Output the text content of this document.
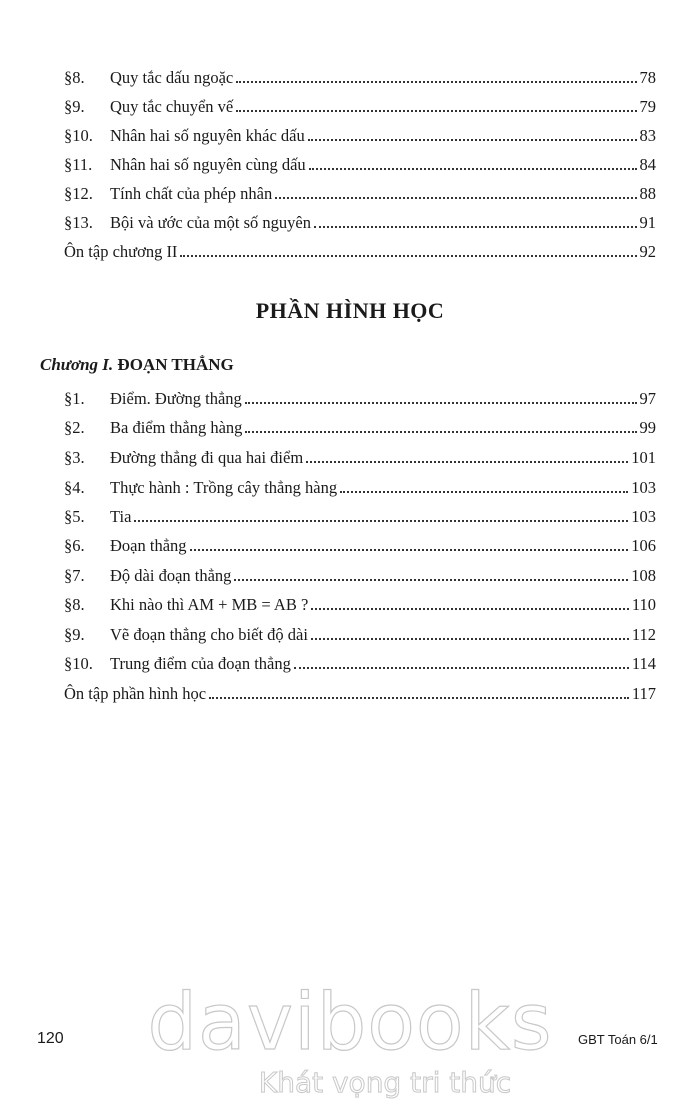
§8.	Quy tắc dấu ngoặc	78
§9.	Quy tắc chuyển vế	79
§10.	Nhân hai số nguyên khác dấu	83
§11.	Nhân hai số nguyên cùng dấu	84
§12.	Tính chất của phép nhân	88
§13.	Bội và ước của một số nguyên	91
Ôn tập chương II	92
PHẦN HÌNH HỌC
Chương I. ĐOẠN THẲNG
§1.	Điểm. Đường thẳng	97
§2.	Ba điểm thẳng hàng	99
§3.	Đường thẳng đi qua hai điểm	101
§4.	Thực hành : Trồng cây thẳng hàng	103
§5.	Tia	103
§6.	Đoạn thẳng	106
§7.	Độ dài đoạn thẳng	108
§8.	Khi nào thì AM + MB = AB ?	110
§9.	Vẽ đoạn thẳng cho biết độ dài	112
§10.	Trung điểm của đoạn thẳng	114
Ôn tập phần hình học	117
120	GBT Toán 6/1
davibooks
Khát vọng tri thức
